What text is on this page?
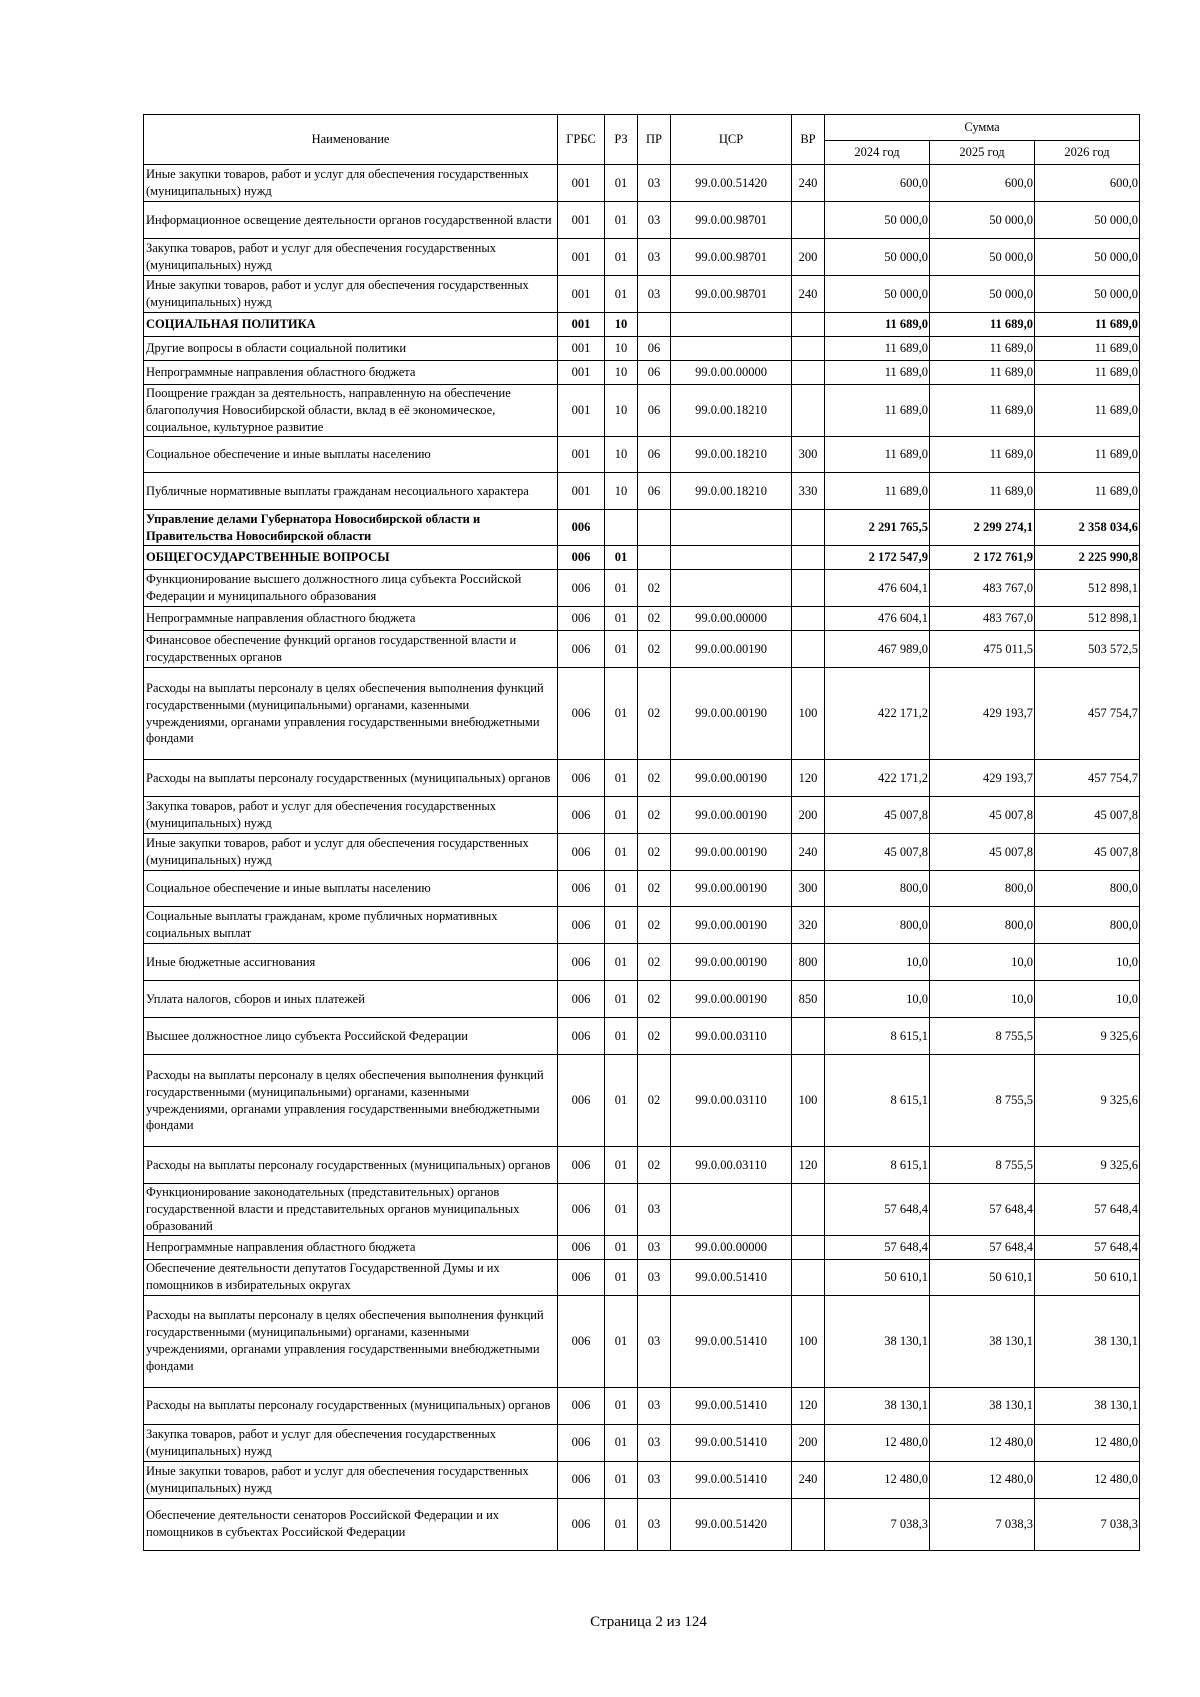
Наименование	ГРБС	РЗ	ПР	ЦСР	ВР	Сумма		
						2024 год	2025 год	2026 год
Иные закупки товаров, работ и услуг для обеспечения государственных (муниципальных) нужд	001	01	03	99.0.00.51420	240	600,0	600,0	600,0
Информационное освещение деятельности органов государственной власти	001	01	03	99.0.00.98701		50 000,0	50 000,0	50 000,0
Закупка товаров, работ и услуг для обеспечения государственных (муниципальных) нужд	001	01	03	99.0.00.98701	200	50 000,0	50 000,0	50 000,0
Иные закупки товаров, работ и услуг для обеспечения государственных (муниципальных) нужд	001	01	03	99.0.00.98701	240	50 000,0	50 000,0	50 000,0
СОЦИАЛЬНАЯ ПОЛИТИКА	001	10				11 689,0	11 689,0	11 689,0
Другие вопросы в области социальной политики	001	10	06			11 689,0	11 689,0	11 689,0
Непрограммные направления областного бюджета	001	10	06	99.0.00.00000		11 689,0	11 689,0	11 689,0
Поощрение граждан за деятельность, направленную на обеспечение благополучия Новосибирской области, вклад в её экономическое, социальное, культурное развитие	001	10	06	99.0.00.18210		11 689,0	11 689,0	11 689,0
Социальное обеспечение и иные выплаты населению	001	10	06	99.0.00.18210	300	11 689,0	11 689,0	11 689,0
Публичные нормативные выплаты гражданам несоциального характера	001	10	06	99.0.00.18210	330	11 689,0	11 689,0	11 689,0
Управление делами Губернатора Новосибирской области и Правительства Новосибирской области	006					2 291 765,5	2 299 274,1	2 358 034,6
ОБЩЕГОСУДАРСТВЕННЫЕ ВОПРОСЫ	006	01				2 172 547,9	2 172 761,9	2 225 990,8
Функционирование высшего должностного лица субъекта Российской Федерации и муниципального образования	006	01	02			476 604,1	483 767,0	512 898,1
Непрограммные направления областного бюджета	006	01	02	99.0.00.00000		476 604,1	483 767,0	512 898,1
Финансовое обеспечение функций органов государственной власти и государственных органов	006	01	02	99.0.00.00190		467 989,0	475 011,5	503 572,5
Расходы на выплаты персоналу в целях обеспечения выполнения функций государственными (муниципальными) органами, казенными учреждениями, органами управления государственными внебюджетными фондами	006	01	02	99.0.00.00190	100	422 171,2	429 193,7	457 754,7
Расходы на выплаты персоналу государственных (муниципальных) органов	006	01	02	99.0.00.00190	120	422 171,2	429 193,7	457 754,7
Закупка товаров, работ и услуг для обеспечения государственных (муниципальных) нужд	006	01	02	99.0.00.00190	200	45 007,8	45 007,8	45 007,8
Иные закупки товаров, работ и услуг для обеспечения государственных (муниципальных) нужд	006	01	02	99.0.00.00190	240	45 007,8	45 007,8	45 007,8
Социальное обеспечение и иные выплаты населению	006	01	02	99.0.00.00190	300	800,0	800,0	800,0
Социальные выплаты гражданам, кроме публичных нормативных социальных выплат	006	01	02	99.0.00.00190	320	800,0	800,0	800,0
Иные бюджетные ассигнования	006	01	02	99.0.00.00190	800	10,0	10,0	10,0
Уплата налогов, сборов и иных платежей	006	01	02	99.0.00.00190	850	10,0	10,0	10,0
Высшее должностное лицо субъекта Российской Федерации	006	01	02	99.0.00.03110		8 615,1	8 755,5	9 325,6
Расходы на выплаты персоналу в целях обеспечения выполнения функций государственными (муниципальными) органами, казенными учреждениями, органами управления государственными внебюджетными фондами	006	01	02	99.0.00.03110	100	8 615,1	8 755,5	9 325,6
Расходы на выплаты персоналу государственных (муниципальных) органов	006	01	02	99.0.00.03110	120	8 615,1	8 755,5	9 325,6
Функционирование законодательных (представительных) органов государственной власти и представительных органов муниципальных образований	006	01	03			57 648,4	57 648,4	57 648,4
Непрограммные направления областного бюджета	006	01	03	99.0.00.00000		57 648,4	57 648,4	57 648,4
Обеспечение деятельности депутатов Государственной Думы и их помощников в избирательных округах	006	01	03	99.0.00.51410		50 610,1	50 610,1	50 610,1
Расходы на выплаты персоналу в целях обеспечения выполнения функций государственными (муниципальными) органами, казенными учреждениями, органами управления государственными внебюджетными фондами	006	01	03	99.0.00.51410	100	38 130,1	38 130,1	38 130,1
Расходы на выплаты персоналу государственных (муниципальных) органов	006	01	03	99.0.00.51410	120	38 130,1	38 130,1	38 130,1
Закупка товаров, работ и услуг для обеспечения государственных (муниципальных) нужд	006	01	03	99.0.00.51410	200	12 480,0	12 480,0	12 480,0
Иные закупки товаров, работ и услуг для обеспечения государственных (муниципальных) нужд	006	01	03	99.0.00.51410	240	12 480,0	12 480,0	12 480,0
Обеспечение деятельности сенаторов Российской Федерации и их помощников в субъектах Российской Федерации	006	01	03	99.0.00.51420		7 038,3	7 038,3	7 038,3
Страница 2 из 124
